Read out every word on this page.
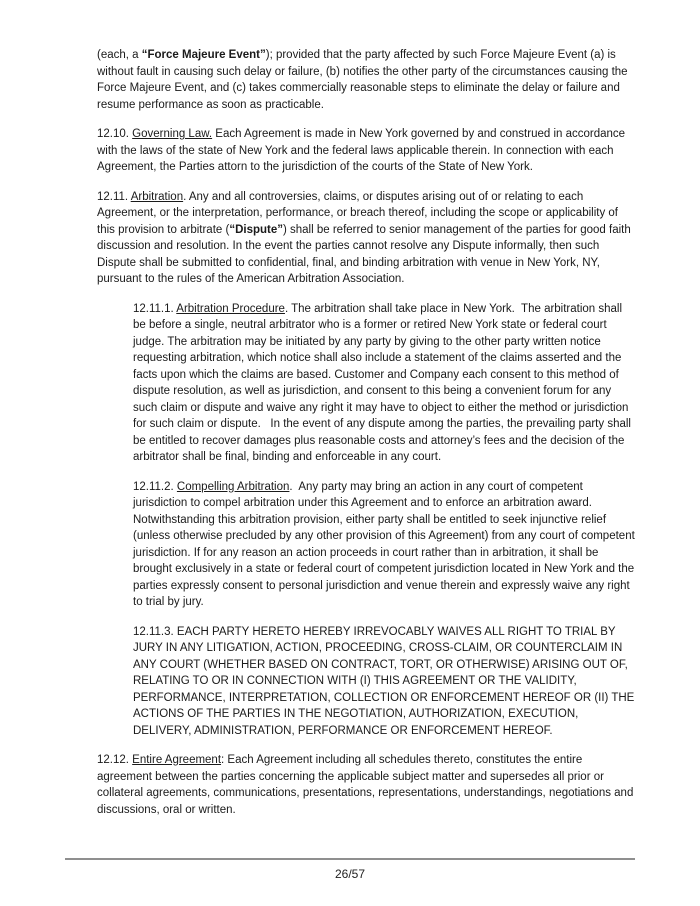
(each, a “Force Majeure Event”); provided that the party affected by such Force Majeure Event (a) is
without fault in causing such delay or failure, (b) notifies the other party of the circumstances causing the
Force Majeure Event, and (c) takes commercially reasonable steps to eliminate the delay or failure and
resume performance as soon as practicable.
12.10. Governing Law. Each Agreement is made in New York governed by and construed in accordance
with the laws of the state of New York and the federal laws applicable therein. In connection with each
Agreement, the Parties attorn to the jurisdiction of the courts of the State of New York.
12.11. Arbitration. Any and all controversies, claims, or disputes arising out of or relating to each
Agreement, or the interpretation, performance, or breach thereof, including the scope or applicability of
this provision to arbitrate (“Dispute”) shall be referred to senior management of the parties for good faith
discussion and resolution. In the event the parties cannot resolve any Dispute informally, then such
Dispute shall be submitted to confidential, final, and binding arbitration with venue in New York, NY,
pursuant to the rules of the American Arbitration Association.
12.11.1. Arbitration Procedure. The arbitration shall take place in New York.  The arbitration shall
be before a single, neutral arbitrator who is a former or retired New York state or federal court
judge. The arbitration may be initiated by any party by giving to the other party written notice
requesting arbitration, which notice shall also include a statement of the claims asserted and the
facts upon which the claims are based. Customer and Company each consent to this method of
dispute resolution, as well as jurisdiction, and consent to this being a convenient forum for any
such claim or dispute and waive any right it may have to object to either the method or jurisdiction
for such claim or dispute.   In the event of any dispute among the parties, the prevailing party shall
be entitled to recover damages plus reasonable costs and attorney’s fees and the decision of the
arbitrator shall be final, binding and enforceable in any court.
12.11.2. Compelling Arbitration.  Any party may bring an action in any court of competent
jurisdiction to compel arbitration under this Agreement and to enforce an arbitration award.
Notwithstanding this arbitration provision, either party shall be entitled to seek injunctive relief
(unless otherwise precluded by any other provision of this Agreement) from any court of competent
jurisdiction. If for any reason an action proceeds in court rather than in arbitration, it shall be
brought exclusively in a state or federal court of competent jurisdiction located in New York and the
parties expressly consent to personal jurisdiction and venue therein and expressly waive any right
to trial by jury.
12.11.3. EACH PARTY HERETO HEREBY IRREVOCABLY WAIVES ALL RIGHT TO TRIAL BY
JURY IN ANY LITIGATION, ACTION, PROCEEDING, CROSS-CLAIM, OR COUNTERCLAIM IN
ANY COURT (WHETHER BASED ON CONTRACT, TORT, OR OTHERWISE) ARISING OUT OF,
RELATING TO OR IN CONNECTION WITH (I) THIS AGREEMENT OR THE VALIDITY,
PERFORMANCE, INTERPRETATION, COLLECTION OR ENFORCEMENT HEREOF OR (II) THE
ACTIONS OF THE PARTIES IN THE NEGOTIATION, AUTHORIZATION, EXECUTION,
DELIVERY, ADMINISTRATION, PERFORMANCE OR ENFORCEMENT HEREOF.
12.12. Entire Agreement: Each Agreement including all schedules thereto, constitutes the entire
agreement between the parties concerning the applicable subject matter and supersedes all prior or
collateral agreements, communications, presentations, representations, understandings, negotiations and
discussions, oral or written.
26/57
